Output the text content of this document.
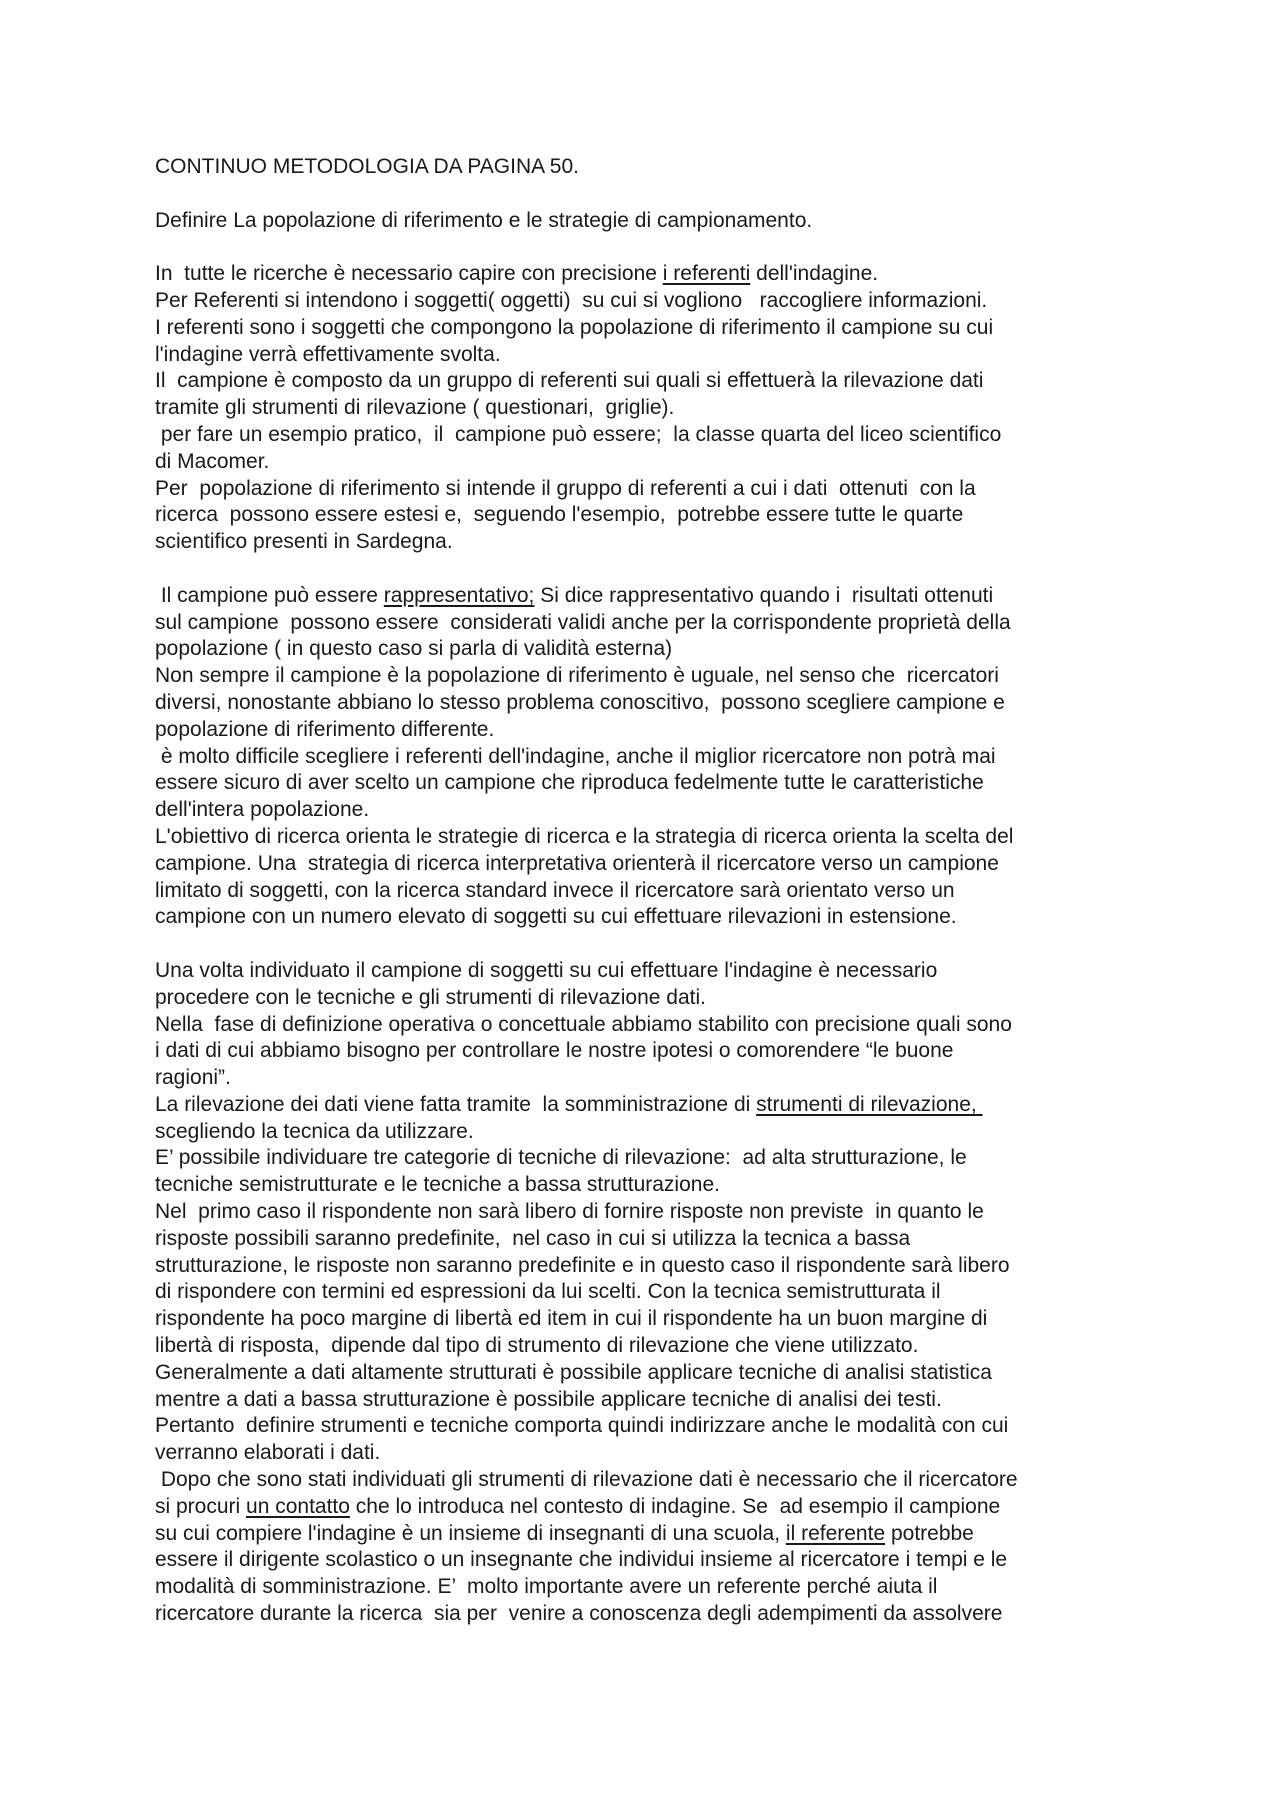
CONTINUO METODOLOGIA DA PAGINA 50.
Definire La popolazione di riferimento e le strategie di campionamento.
In  tutte le ricerche è necessario capire con precisione i referenti dell'indagine.
Per Referenti si intendono i soggetti( oggetti)  su cui si vogliono   raccogliere informazioni.
I referenti sono i soggetti che compongono la popolazione di riferimento il campione su cui
l'indagine verrà effettivamente svolta.
Il  campione è composto da un gruppo di referenti sui quali si effettuerà la rilevazione dati
tramite gli strumenti di rilevazione ( questionari,  griglie).
per fare un esempio pratico,  il  campione può essere;  la classe quarta del liceo scientifico
di Macomer.
Per  popolazione di riferimento si intende il gruppo di referenti a cui i dati  ottenuti  con la
ricerca  possono essere estesi e,  seguendo l'esempio,  potrebbe essere tutte le quarte
scientifico presenti in Sardegna.
Il campione può essere rappresentativo; Si dice rappresentativo quando i  risultati ottenuti
sul campione  possono essere  considerati validi anche per la corrispondente proprietà della
popolazione ( in questo caso si parla di validità esterna)
Non sempre il campione è la popolazione di riferimento è uguale, nel senso che  ricercatori
diversi, nonostante abbiano lo stesso problema conoscitivo,  possono scegliere campione e
popolazione di riferimento differente.
è molto difficile scegliere i referenti dell'indagine, anche il miglior ricercatore non potrà mai
essere sicuro di aver scelto un campione che riproduca fedelmente tutte le caratteristiche
dell'intera popolazione.
L'obiettivo di ricerca orienta le strategie di ricerca e la strategia di ricerca orienta la scelta del
campione. Una  strategia di ricerca interpretativa orienterà il ricercatore verso un campione
limitato di soggetti, con la ricerca standard invece il ricercatore sarà orientato verso un
campione con un numero elevato di soggetti su cui effettuare rilevazioni in estensione.
Una volta individuato il campione di soggetti su cui effettuare l'indagine è necessario
procedere con le tecniche e gli strumenti di rilevazione dati.
Nella  fase di definizione operativa o concettuale abbiamo stabilito con precisione quali sono
i dati di cui abbiamo bisogno per controllare le nostre ipotesi o comorendere “le buone
ragioni”.
La rilevazione dei dati viene fatta tramite  la somministrazione di strumenti di rilevazione,
scegliendo la tecnica da utilizzare.
E’ possibile individuare tre categorie di tecniche di rilevazione:  ad alta strutturazione, le
tecniche semistrutturate e le tecniche a bassa strutturazione.
Nel  primo caso il rispondente non sarà libero di fornire risposte non previste  in quanto le
risposte possibili saranno predefinite,  nel caso in cui si utilizza la tecnica a bassa
strutturazione, le risposte non saranno predefinite e in questo caso il rispondente sarà libero
di rispondere con termini ed espressioni da lui scelti. Con la tecnica semistrutturata il
rispondente ha poco margine di libertà ed item in cui il rispondente ha un buon margine di
libertà di risposta,  dipende dal tipo di strumento di rilevazione che viene utilizzato.
Generalmente a dati altamente strutturati è possibile applicare tecniche di analisi statistica
mentre a dati a bassa strutturazione è possibile applicare tecniche di analisi dei testi.
Pertanto  definire strumenti e tecniche comporta quindi indirizzare anche le modalità con cui
verranno elaborati i dati.
Dopo che sono stati individuati gli strumenti di rilevazione dati è necessario che il ricercatore
si procuri un contatto che lo introduca nel contesto di indagine. Se  ad esempio il campione
su cui compiere l'indagine è un insieme di insegnanti di una scuola, il referente potrebbe
essere il dirigente scolastico o un insegnante che individui insieme al ricercatore i tempi e le
modalità di somministrazione. E’  molto importante avere un referente perché aiuta il
ricercatore durante la ricerca  sia per  venire a conoscenza degli adempimenti da assolvere
